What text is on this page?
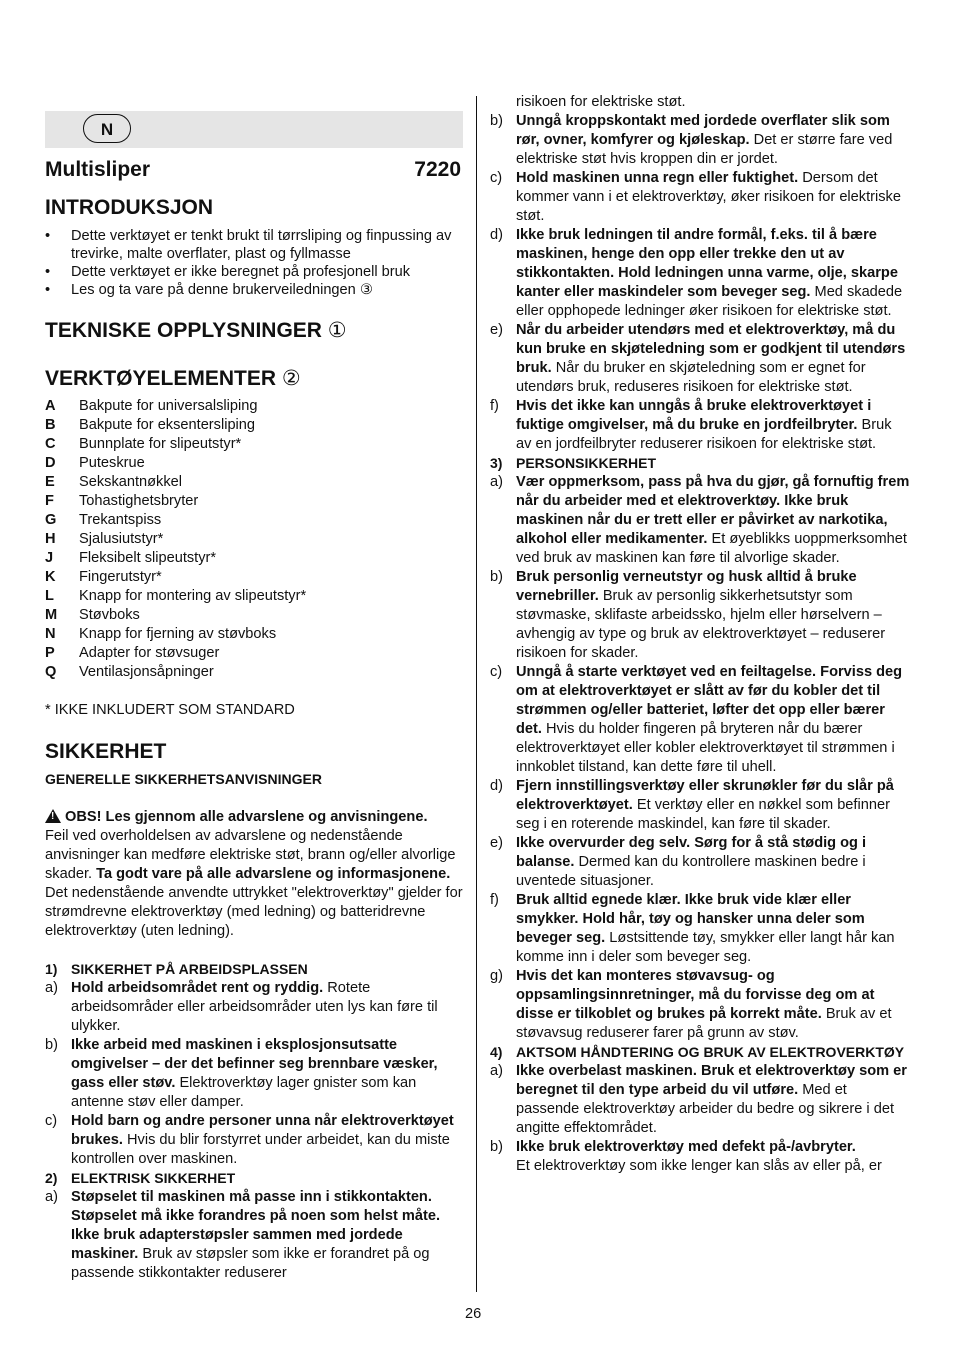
N
Multisliper	7220
INTRODUKSJON
• Dette verktøyet er tenkt brukt til tørrsliping og finpussing av trevirke, malte overflater, plast og fyllmasse
• Dette verktøyet er ikke beregnet på profesjonell bruk
• Les og ta vare på denne brukerveiledningen ③
TEKNISKE OPPLYSNINGER ①
VERKTØYELEMENTER ②
A Bakpute for universalsliping
B Bakpute for eksentersliping
C Bunnplate for slipeutstyr*
D Puteskrue
E Sekskantnøkkel
F Tohastighetsbryter
G Trekantspiss
H Sjalusiutstyr*
J Fleksibelt slipeutstyr*
K Fingerutstyr*
L Knapp for montering av slipeutstyr*
M Støvboks
N Knapp for fjerning av støvboks
P Adapter for støvsuger
Q Ventilasjonsåpninger
* IKKE INKLUDERT SOM STANDARD
SIKKERHET
GENERELLE SIKKERHETSANVISNINGER
! OBS! Les gjennom alle advarslene og anvisningene.
Feil ved overholdelsen av advarslene og nedenstående anvisninger kan medføre elektriske støt, brann og/eller alvorlige skader. Ta godt vare på alle advarslene og informasjonene. Det nedenstående anvendte uttrykket "elektroverktøy" gjelder for strømdrevne elektroverktøy (med ledning) og batteridrevne elektroverktøy (uten ledning).
1) SIKKERHET PÅ ARBEIDSPLASSEN
a) Hold arbeidsområdet rent og ryddig. Rotete arbeidsområder eller arbeidsområder uten lys kan føre til ulykker.
b) Ikke arbeid med maskinen i eksplosjonsutsatte omgivelser – der det befinner seg brennbare væsker, gass eller støv. Elektroverktøy lager gnister som kan antenne støv eller damper.
c) Hold barn og andre personer unna når elektroverktøyet brukes. Hvis du blir forstyrret under arbeidet, kan du miste kontrollen over maskinen.
2) ELEKTRISK SIKKERHET
a) Støpselet til maskinen må passe inn i stikkontakten. Støpselet må ikke forandres på noen som helst måte. Ikke bruk adapterstøpsler sammen med jordede maskiner. Bruk av støpsler som ikke er forandret på og passende stikkontakter reduserer
risikoen for elektriske støt.
b) Unngå kroppskontakt med jordede overflater slik som rør, ovner, komfyrer og kjøleskap. Det er større fare ved elektriske støt hvis kroppen din er jordet.
c) Hold maskinen unna regn eller fuktighet. Dersom det kommer vann i et elektroverktøy, øker risikoen for elektriske støt.
d) Ikke bruk ledningen til andre formål, f.eks. til å bære maskinen, henge den opp eller trekke den ut av stikkontakten. Hold ledningen unna varme, olje, skarpe kanter eller maskindeler som beveger seg. Med skadede eller opphopede ledninger øker risikoen for elektriske støt.
e) Når du arbeider utendørs med et elektroverktøy, må du kun bruke en skjøteledning som er godkjent til utendørs bruk. Når du bruker en skjøteledning som er egnet for utendørs bruk, reduseres risikoen for elektriske støt.
f) Hvis det ikke kan unngås å bruke elektroverktøyet i fuktige omgivelser, må du bruke en jordfeilbryter. Bruk av en jordfeilbryter reduserer risikoen for elektriske støt.
3) PERSONSIKKERHET
a) Vær oppmerksom, pass på hva du gjør, gå fornuftig frem når du arbeider med et elektroverktøy. Ikke bruk maskinen når du er trett eller er påvirket av narkotika, alkohol eller medikamenter. Et øyeblikks uoppmerksomhet ved bruk av maskinen kan føre til alvorlige skader.
b) Bruk personlig verneutstyr og husk alltid å bruke vernebriller. Bruk av personlig sikkerhetsutstyr som støvmaske, sklifaste arbeidssko, hjelm eller hørselvern – avhengig av type og bruk av elektroverktøyet – reduserer risikoen for skader.
c) Unngå å starte verktøyet ved en feiltagelse. Forviss deg om at elektroverktøyet er slått av før du kobler det til strømmen og/eller batteriet, løfter det opp eller bærer det. Hvis du holder fingeren på bryteren når du bærer elektroverktøyet eller kobler elektroverktøyet til strømmen i innkoblet tilstand, kan dette føre til uhell.
d) Fjern innstillingsverktøy eller skrunøkler før du slår på elektroverktøyet. Et verktøy eller en nøkkel som befinner seg i en roterende maskindel, kan føre til skader.
e) Ikke overvurder deg selv. Sørg for å stå stødig og i balanse. Dermed kan du kontrollere maskinen bedre i uventede situasjoner.
f) Bruk alltid egnede klær. Ikke bruk vide klær eller smykker. Hold hår, tøy og hansker unna deler som beveger seg. Løstsittende tøy, smykker eller langt hår kan komme inn i deler som beveger seg.
g) Hvis det kan monteres støvavsug- og oppsamlingsinnretninger, må du forvisse deg om at disse er tilkoblet og brukes på korrekt måte. Bruk av et støvavsug reduserer farer på grunn av støv.
4) AKTSOM HÅNDTERING OG BRUK AV ELEKTROVERKTØY
a) Ikke overbelast maskinen. Bruk et elektroverktøy som er beregnet til den type arbeid du vil utføre. Med et passende elektroverktøy arbeider du bedre og sikrere i det angitte effektområdet.
b) Ikke bruk elektroverktøy med defekt på-/avbryter.
Et elektroverktøy som ikke lenger kan slås av eller på, er
26
